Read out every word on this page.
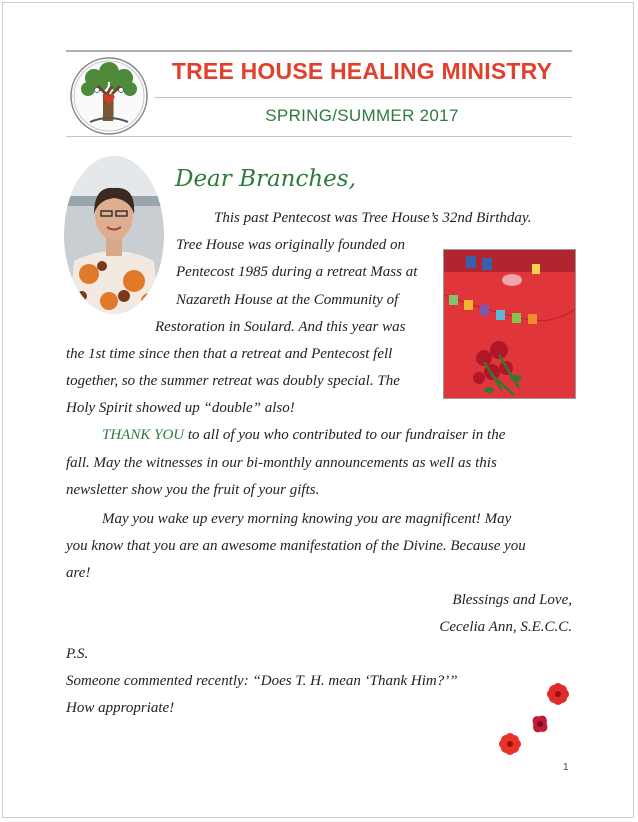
TREE HOUSE HEALING MINISTRY
SPRING/SUMMER 2017
Dear Branches,
This past Pentecost was Tree House’s 32nd Birthday.
Tree House was originally founded on
Pentecost 1985 during a retreat Mass at
Nazareth House at the Community of
Restoration in Soulard. And this year was
the 1st time since then that a retreat and Pentecost fell
together, so the summer retreat was doubly special. The
Holy Spirit showed up “double” also!
THANK YOU to all of you who contributed to our fundraiser in the
fall. May the witnesses in our bi-monthly announcements as well as this
newsletter show you the fruit of your gifts.
May you wake up every morning knowing you are magnificent! May
you know that you are an awesome manifestation of the Divine. Because you
are!
Blessings and Love,
Cecelia Ann, S.E.C.C.
P.S.
Someone commented recently: “Does T. H. mean ‘Thank Him?’”
How appropriate!
1
